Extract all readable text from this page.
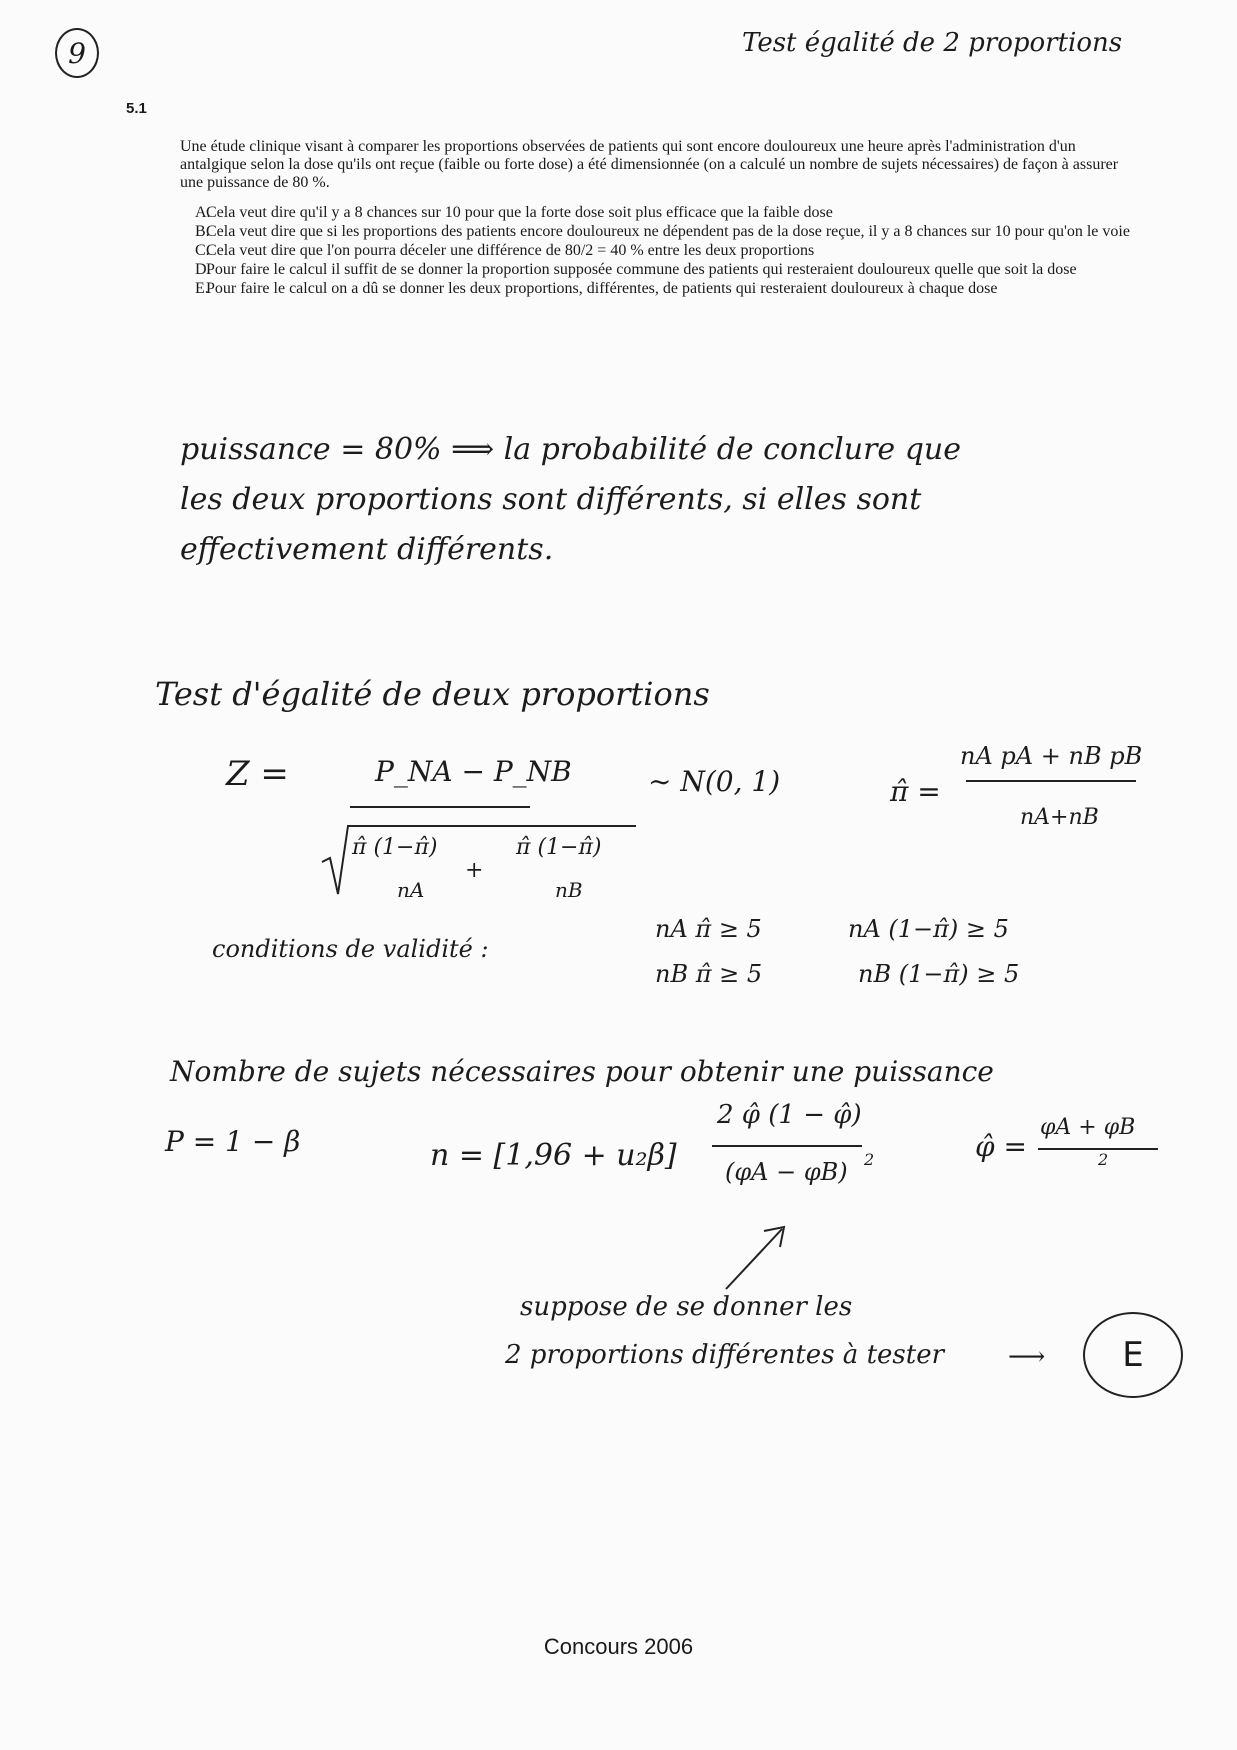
9	Test égalité de 2 proportions
5.1

Une étude clinique visant à comparer les proportions observées de patients qui sont encore douloureux une heure après l'administration d'un antalgique selon la dose qu'ils ont reçue (faible ou forte dose) a été dimensionnée (on a calculé un nombre de sujets nécessaires) de façon à assurer une puissance de 80 %.

A.
Cela veut dire qu'il y a 8 chances sur 10 pour que la forte dose soit plus efficace que la faible dose
B.
Cela veut dire que si les proportions des patients encore douloureux ne dépendent pas de la dose reçue, il y a 8 chances sur 10 pour qu'on le voie
C.
Cela veut dire que l'on pourra déceler une différence de 80/2 = 40 % entre les deux proportions
D.
Pour faire le calcul il suffit de se donner la proportion supposée commune des patients qui resteraient douloureux quelle que soit la dose
E.
Pour faire le calcul on a dû se donner les deux proportions, différentes, de patients qui resteraient douloureux à chaque dose
puissance = 80% ⟹ la probabilité de conclure que
les deux proportions sont différents, si elles sont
effectivement différents.
Test d'égalité de deux proportions
Z =	P_NA − P_NB
π̂ (1−π̂)
nA
+
π̂ (1−π̂)
nB
∼ N(0, 1)	π̂ =
nA pA + nB pB
nA+nB
conditions de validité :
nA π̂ ≥ 5	nA (1−π̂) ≥ 5
nB π̂ ≥ 5	nB (1−π̂) ≥ 5
Nombre de sujets nécessaires pour obtenir une puissance
P = 1 − β	n = [1,96 + u₂β]
2 φ̂ (1 − φ̂)
(φA − φB) 2	φ̂ =
φA + φB
2
suppose de se donner les
2 proportions différentes à tester ⟶ E
Concours 2006
